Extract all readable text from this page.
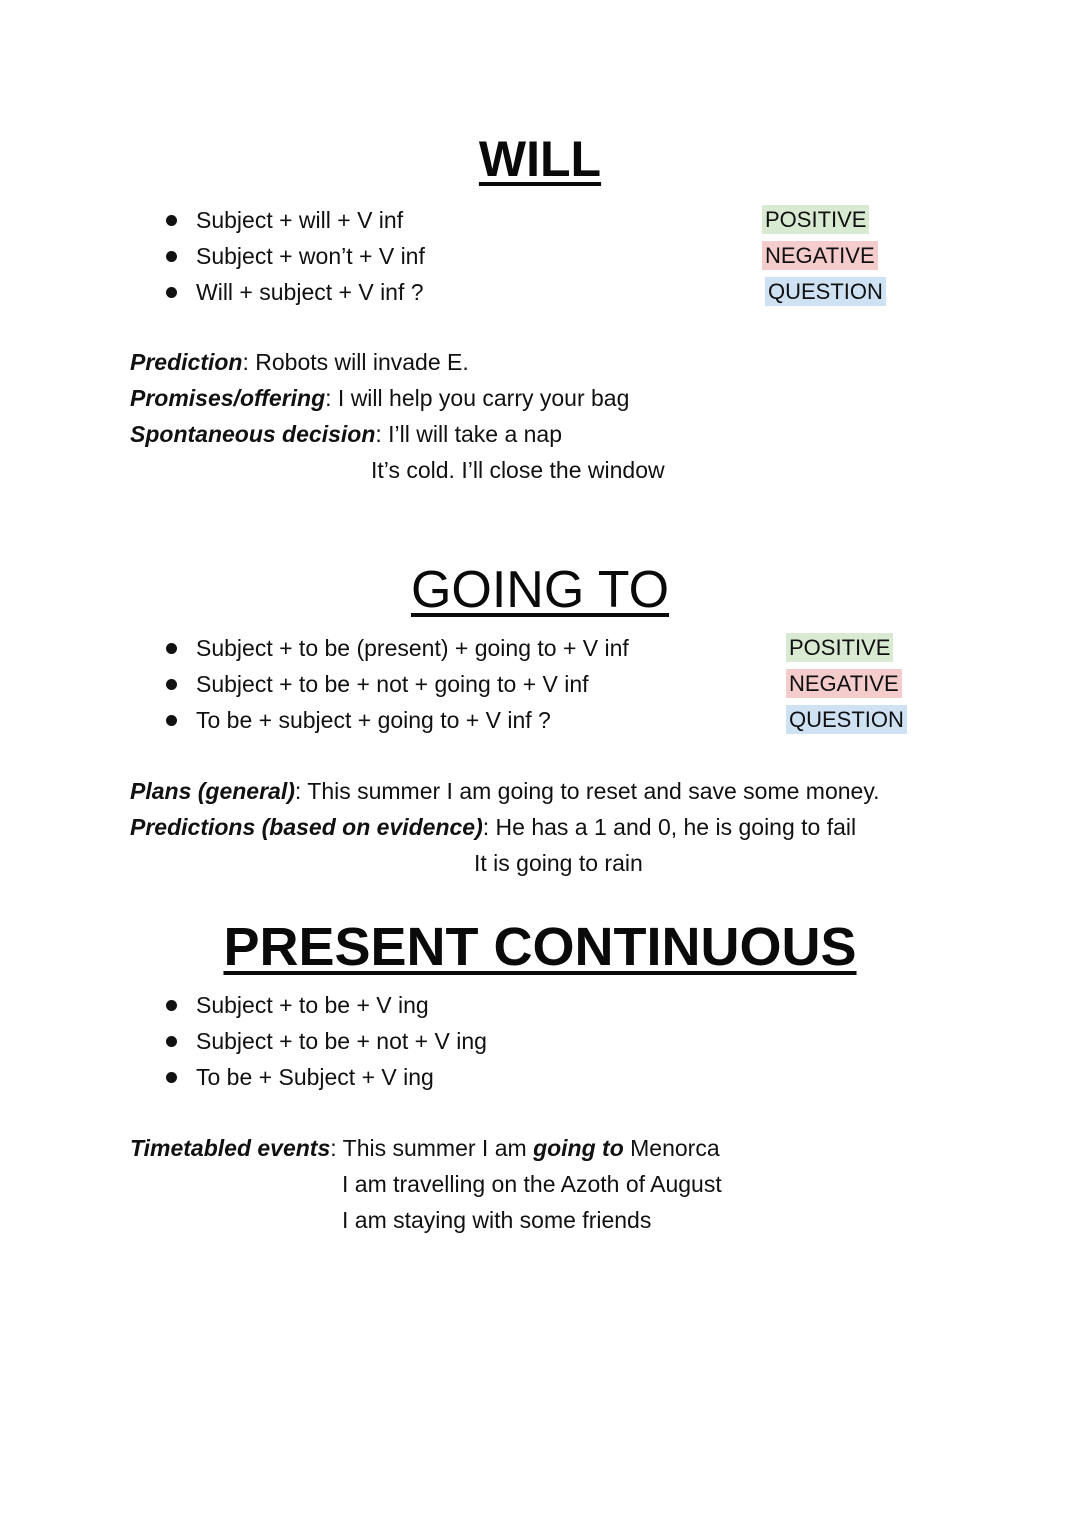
WILL
Subject + will + V inf
Subject + won’t + V inf
Will + subject + V inf ?
POSITIVE
NEGATIVE
QUESTION
Prediction: Robots will invade E.
Promises/offering: I will help you carry your bag
Spontaneous decision: I’ll will take a nap
It’s cold. I’ll close the window
GOING TO
Subject + to be (present) + going to + V inf
Subject + to be + not + going to + V inf
To be + subject + going to + V inf ?
POSITIVE
NEGATIVE
QUESTION
Plans (general): This summer I am going to reset and save some money.
Predictions (based on evidence): He has a 1 and 0, he is going to fail
It is going to rain
PRESENT CONTINUOUS
Subject + to be + V ing
Subject + to be + not + V ing
To be + Subject + V ing
Timetabled events: This summer I am going to Menorca
I am travelling on the Azoth of August
I am staying with some friends
